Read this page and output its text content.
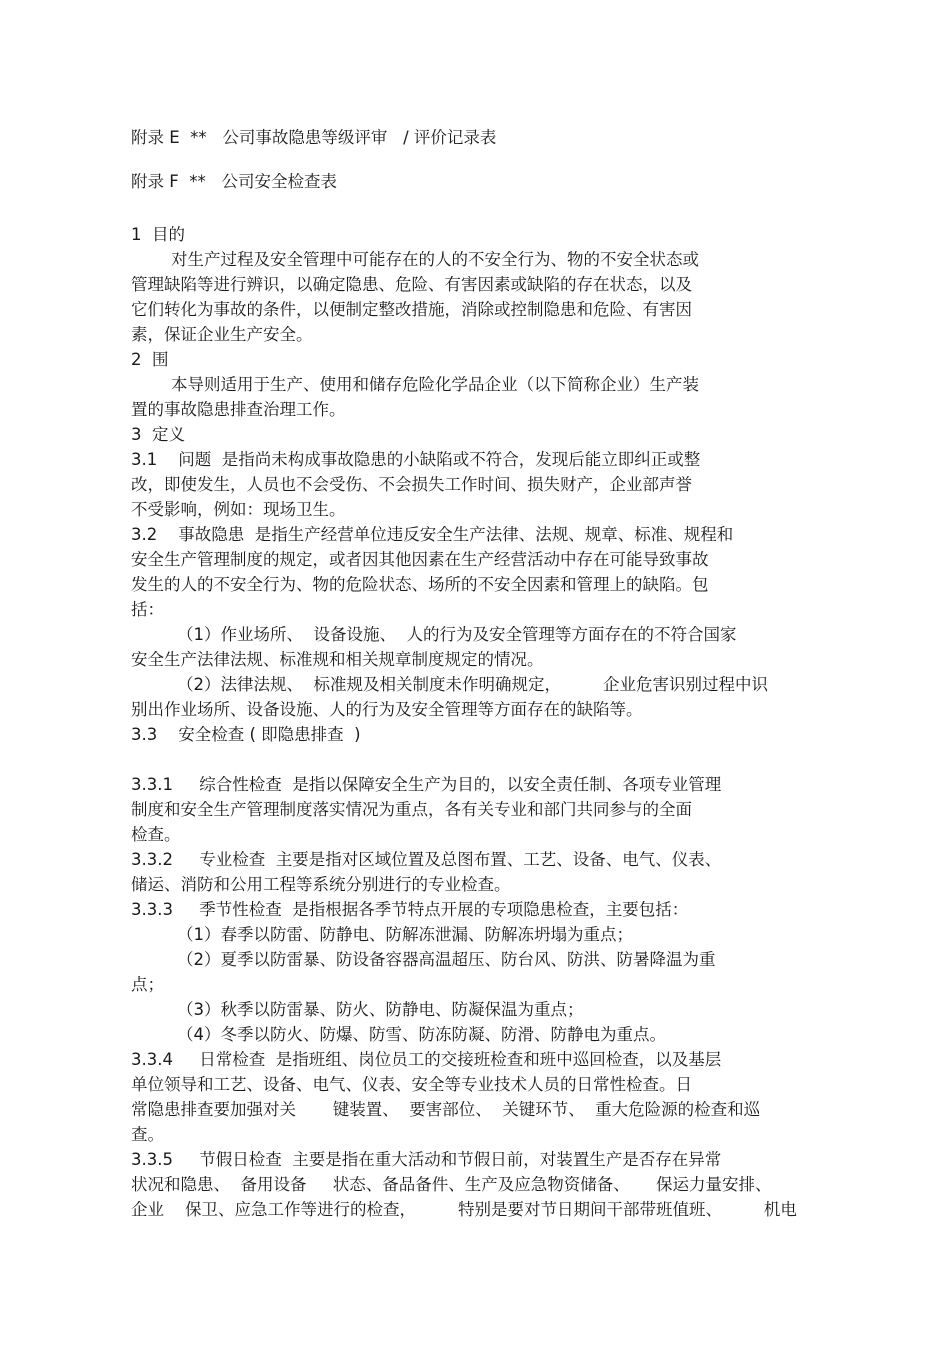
附录 E  **   公司事故隐患等级评审   / 评价记录表
附录 F  **   公司安全检查表
1  目的
对生产过程及安全管理中可能存在的人的不安全行为、物的不安全状态或
管理缺陷等进行辨识，以确定隐患、危险、有害因素或缺陷的存在状态，以及
它们转化为事故的条件，以便制定整改措施，消除或控制隐患和危险、有害因
素，保证企业生产安全。
2  围
本导则适用于生产、使用和储存危险化学品企业（以下简称企业）生产装
置的事故隐患排查治理工作。
3  定义
3.1    问题  是指尚未构成事故隐患的小缺陷或不符合，发现后能立即纠正或整
改，即使发生，人员也不会受伤、不会损失工作时间、损失财产，企业部声誉
不受影响，例如：现场卫生。
3.2    事故隐患  是指生产经营单位违反安全生产法律、法规、规章、标准、规程和
安全生产管理制度的规定，或者因其他因素在生产经营活动中存在可能导致事故
发生的人的不安全行为、物的危险状态、场所的不安全因素和管理上的缺陷。包
括：
（1）作业场所、  设备设施、  人的行为及安全管理等方面存在的不符合国家
安全生产法律法规、标准规和相关规章制度规定的情况。
（2）法律法规、  标准规及相关制度未作明确规定，        企业危害识别过程中识
别出作业场所、设备设施、人的行为及安全管理等方面存在的缺陷等。
3.3    安全检查 ( 即隐患排查  )
3.3.1     综合性检查  是指以保障安全生产为目的，以安全责任制、各项专业管理
制度和安全生产管理制度落实情况为重点，各有关专业和部门共同参与的全面
检查。
3.3.2     专业检查  主要是指对区域位置及总图布置、工艺、设备、电气、仪表、
储运、消防和公用工程等系统分别进行的专业检查。
3.3.3     季节性检查  是指根据各季节特点开展的专项隐患检查，主要包括：
（1）春季以防雷、防静电、防解冻泄漏、防解冻坍塌为重点；
（2）夏季以防雷暴、防设备容器高温超压、防台风、防洪、防暑降温为重
点；
（3）秋季以防雷暴、防火、防静电、防凝保温为重点；
（4）冬季以防火、防爆、防雪、防冻防凝、防滑、防静电为重点。
3.3.4     日常检查  是指班组、岗位员工的交接班检查和班中巡回检查，以及基层
单位领导和工艺、设备、电气、仪表、安全等专业技术人员的日常性检查。日
常隐患排查要加强对关       键装置、  要害部位、  关键环节、  重大危险源的检查和巡
查。
3.3.5     节假日检查  主要是指在重大活动和节假日前，对装置生产是否存在异常
状况和隐患、  备用设备     状态、备品备件、生产及应急物资储备、     保运力量安排、
企业    保卫、应急工作等进行的检查，        特别是要对节日期间干部带班值班、        机电
